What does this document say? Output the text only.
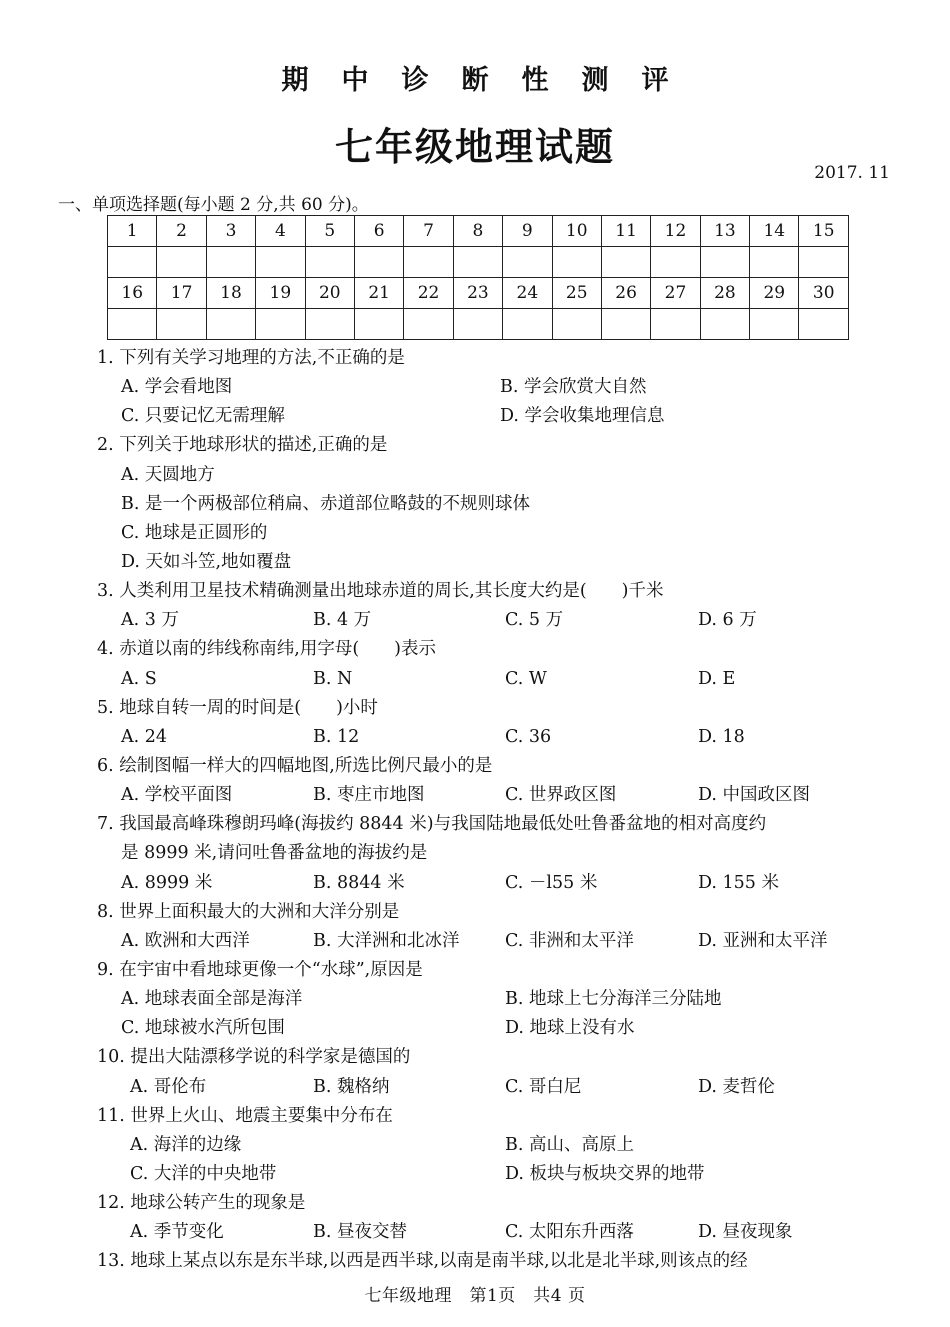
期中诊断性测评
七年级地理试题
2017. 11
一、单项选择题(每小题 2 分,共 60 分)。
1	2	3	4	5	6	7	8	9	10	11	12	13	14	15

16	17	18	19	20	21	22	23	24	25	26	27	28	29	30

1. 下列有关学习地理的方法,不正确的是
A. 学会看地图	B. 学会欣赏大自然
C. 只要记忆无需理解	D. 学会收集地理信息
2. 下列关于地球形状的描述,正确的是
A. 天圆地方
B. 是一个两极部位稍扁、赤道部位略鼓的不规则球体
C. 地球是正圆形的
D. 天如斗笠,地如覆盘
3. 人类利用卫星技术精确测量出地球赤道的周长,其长度大约是(　　)千米
A. 3 万	B. 4 万	C. 5 万	D. 6 万
4. 赤道以南的纬线称南纬,用字母(　　)表示
A. S	B. N	C. W	D. E
5. 地球自转一周的时间是(　　)小时
A. 24	B. 12	C. 36	D. 18
6. 绘制图幅一样大的四幅地图,所选比例尺最小的是
A. 学校平面图	B. 枣庄市地图	C. 世界政区图	D. 中国政区图
7. 我国最高峰珠穆朗玛峰(海拔约 8844 米)与我国陆地最低处吐鲁番盆地的相对高度约
是 8999 米,请问吐鲁番盆地的海拔约是
A. 8999 米	B. 8844 米	C. －l55 米	D. 155 米
8. 世界上面积最大的大洲和大洋分别是
A. 欧洲和大西洋	B. 大洋洲和北冰洋	C. 非洲和太平洋	D. 亚洲和太平洋
9. 在宇宙中看地球更像一个“水球”,原因是
A. 地球表面全部是海洋	B. 地球上七分海洋三分陆地
C. 地球被水汽所包围	D. 地球上没有水
10. 提出大陆漂移学说的科学家是德国的
A. 哥伦布	B. 魏格纳	C. 哥白尼	D. 麦哲伦
11. 世界上火山、地震主要集中分布在
A. 海洋的边缘	B. 高山、高原上
C. 大洋的中央地带	D. 板块与板块交界的地带
12. 地球公转产生的现象是
A. 季节变化	B. 昼夜交替	C. 太阳东升西落	D. 昼夜现象
13. 地球上某点以东是东半球,以西是西半球,以南是南半球,以北是北半球,则该点的经
七年级地理　第1页　共4 页
